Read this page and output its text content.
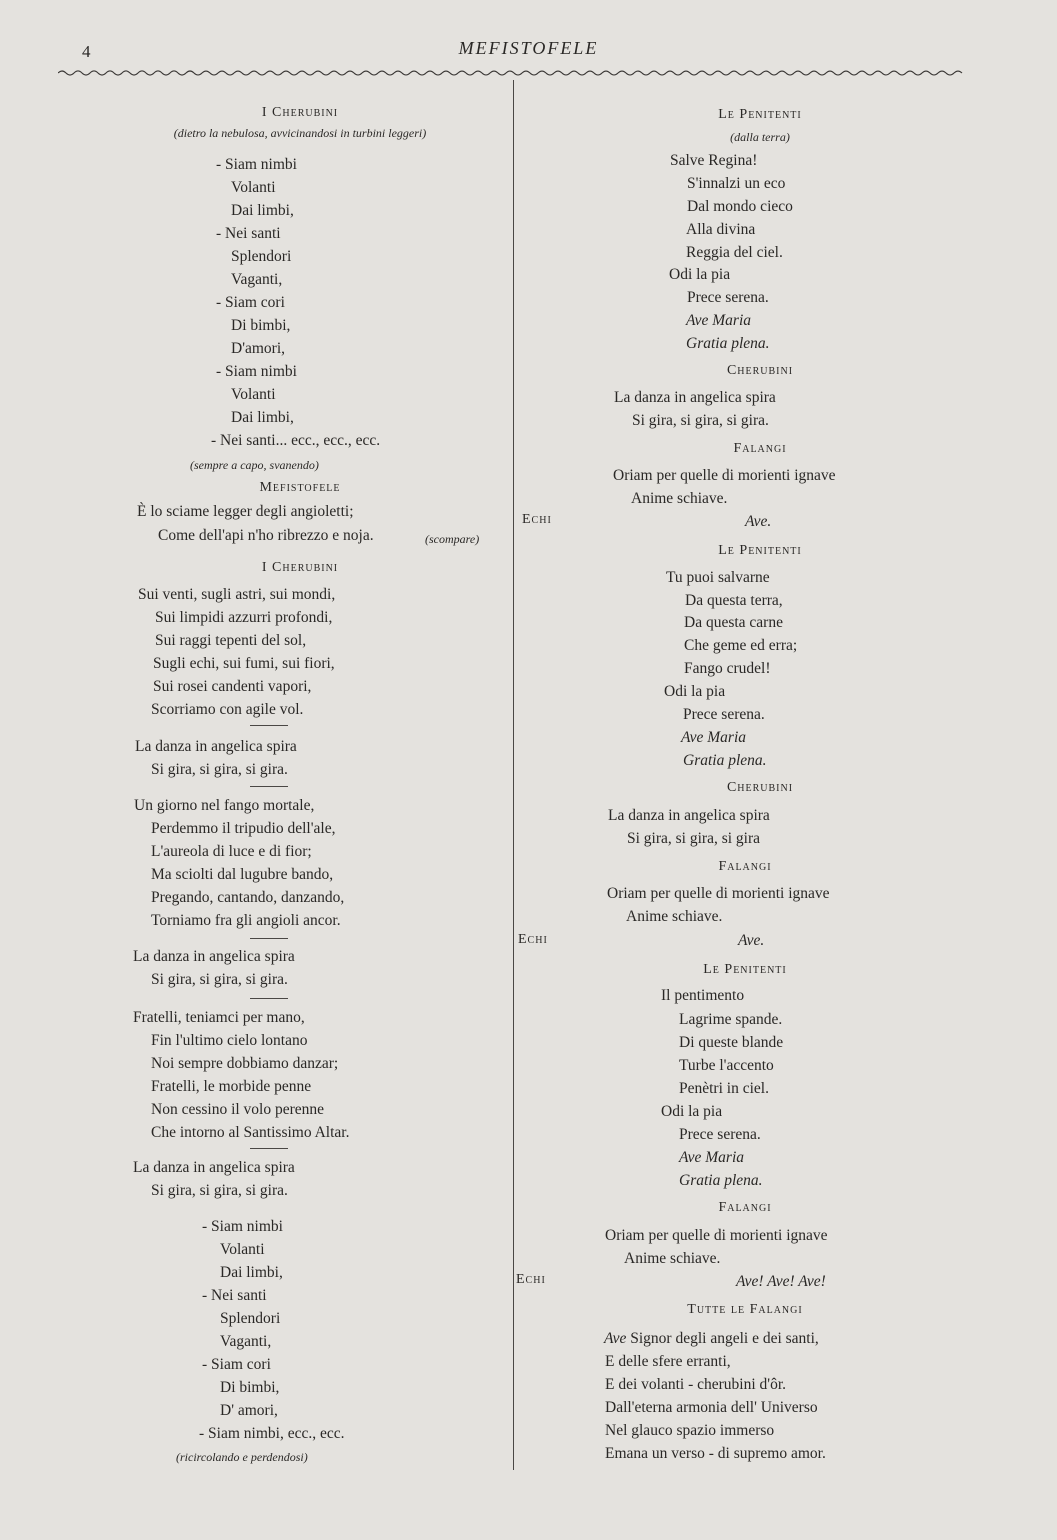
4	MEFISTOFELE
I Cherubini
(dietro la nebulosa, avvicinandosi in turbini leggeri)
- Siam nimbi
Volanti
Dai limbi,
- Nei santi
Splendori
Vaganti,
- Siam cori
Di bimbi,
D'amori,
- Siam nimbi
Volanti
Dai limbi,
- Nei santi... ecc., ecc., ecc.
(sempre a capo, svanendo)
Mefistofele
È lo sciame legger degli angioletti;
Come dell'api n'ho ribrezzo e noja.	(scompare)
I Cherubini
Sui venti, sugli astri, sui mondi,
Sui limpidi azzurri profondi,
Sui raggi tepenti del sol,
Sugli echi, sui fumi, sui fiori,
Sui rosei candenti vapori,
Scorriamo con agile vol.
La danza in angelica spira
Si gira, si gira, si gira.
Un giorno nel fango mortale,
Perdemmo il tripudio dell'ale,
L'aureola di luce e di fior;
Ma sciolti dal lugubre bando,
Pregando, cantando, danzando,
Torniamo fra gli angioli ancor.
La danza in angelica spira
Si gira, si gira, si gira.
Fratelli, teniamci per mano,
Fin l'ultimo cielo lontano
Noi sempre dobbiamo danzar;
Fratelli, le morbide penne
Non cessino il volo perenne
Che intorno al Santissimo Altar.
La danza in angelica spira
Si gira, si gira, si gira.
- Siam nimbi
Volanti
Dai limbi,
- Nei santi
Splendori
Vaganti,
- Siam cori
Di bimbi,
D' amori,
- Siam nimbi, ecc., ecc.
(ricircolando e perdendosi)
Echi
Echi
Echi
Le Penitenti
(dalla terra)
Salve Regina!
S'innalzi un eco
Dal mondo cieco
Alla divina
Reggia del ciel.
Odi la pia
Prece serena.
Ave Maria
Gratia plena.
Cherubini
La danza in angelica spira
Si gira, si gira, si gira.
Falangi
Oriam per quelle di morienti ignave
Anime schiave.
Ave.
Le Penitenti
Tu puoi salvarne
Da questa terra,
Da questa carne
Che geme ed erra;
Fango crudel!
Odi la pia
Prece serena.
Ave Maria
Gratia plena.
Cherubini
La danza in angelica spira
Si gira, si gira, si gira
Falangi
Oriam per quelle di morienti ignave
Anime schiave.
Ave.
Le Penitenti
Il pentimento
Lagrime spande.
Di queste blande
Turbe l'accento
Penètri in ciel.
Odi la pia
Prece serena.
Ave Maria
Gratia plena.
Falangi
Oriam per quelle di morienti ignave
Anime schiave.
Ave! Ave! Ave!
Tutte le Falangi
Ave Signor degli angeli e dei santi,
E delle sfere erranti,
E dei volanti - cherubini d'ôr.
Dall'eterna armonia dell' Universo
Nel glauco spazio immerso
Emana un verso - di supremo amor.
